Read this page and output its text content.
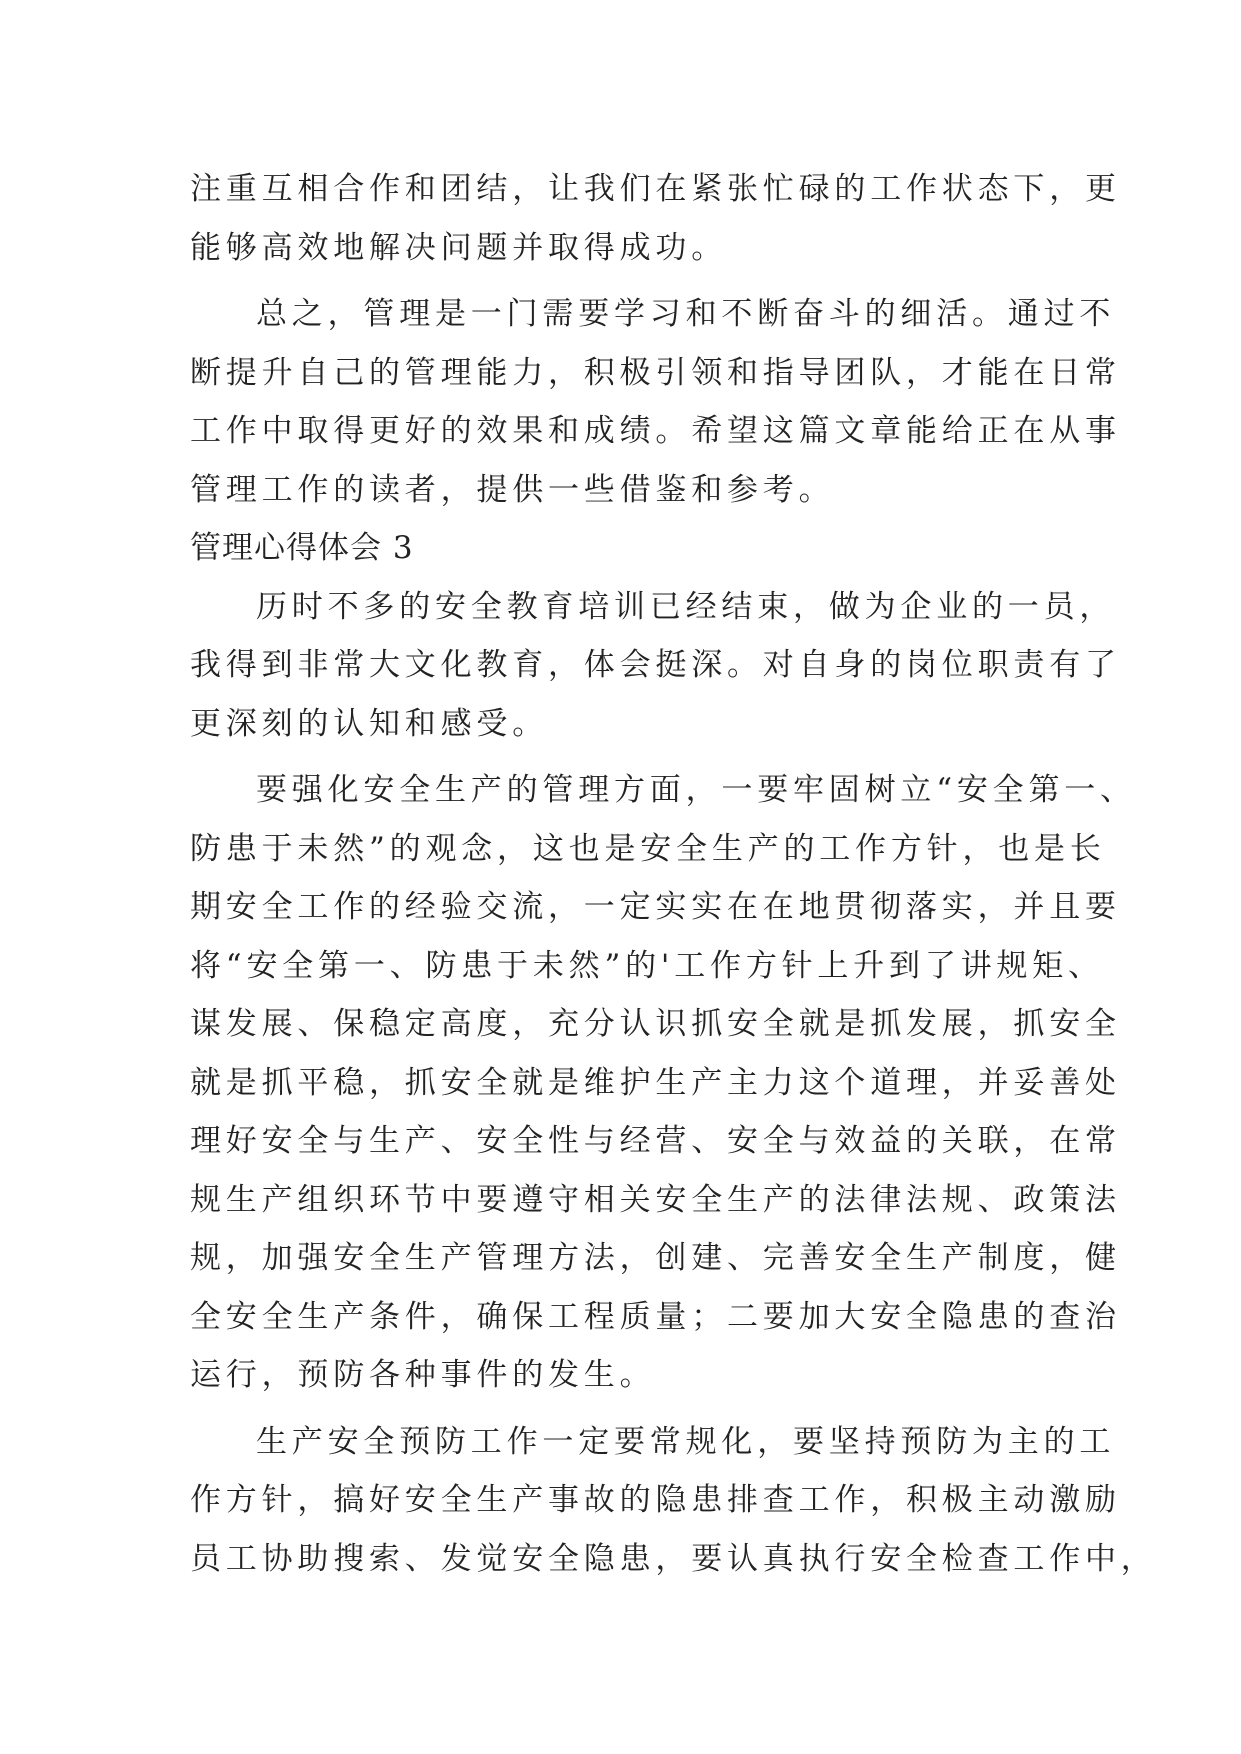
注重互相合作和团结，让我们在紧张忙碌的工作状态下，更
能够高效地解决问题并取得成功。
总之，管理是一门需要学习和不断奋斗的细活。通过不
断提升自己的管理能力，积极引领和指导团队，才能在日常
工作中取得更好的效果和成绩。希望这篇文章能给正在从事
管理工作的读者，提供一些借鉴和参考。
管理心得体会 3
历时不多的安全教育培训已经结束，做为企业的一员，
我得到非常大文化教育，体会挺深。对自身的岗位职责有了
更深刻的认知和感受。
要强化安全生产的管理方面，一要牢固树立“安全第一、
防患于未然”的观念，这也是安全生产的工作方针，也是长
期安全工作的经验交流，一定实实在在地贯彻落实，并且要
将“安全第一、防患于未然”的'工作方针上升到了讲规矩、
谋发展、保稳定高度，充分认识抓安全就是抓发展，抓安全
就是抓平稳，抓安全就是维护生产主力这个道理，并妥善处
理好安全与生产、安全性与经营、安全与效益的关联，在常
规生产组织环节中要遵守相关安全生产的法律法规、政策法
规，加强安全生产管理方法，创建、完善安全生产制度，健
全安全生产条件，确保工程质量；二要加大安全隐患的查治
运行，预防各种事件的发生。
生产安全预防工作一定要常规化，要坚持预防为主的工
作方针，搞好安全生产事故的隐患排查工作，积极主动激励
员工协助搜索、发觉安全隐患，要认真执行安全检查工作中，
